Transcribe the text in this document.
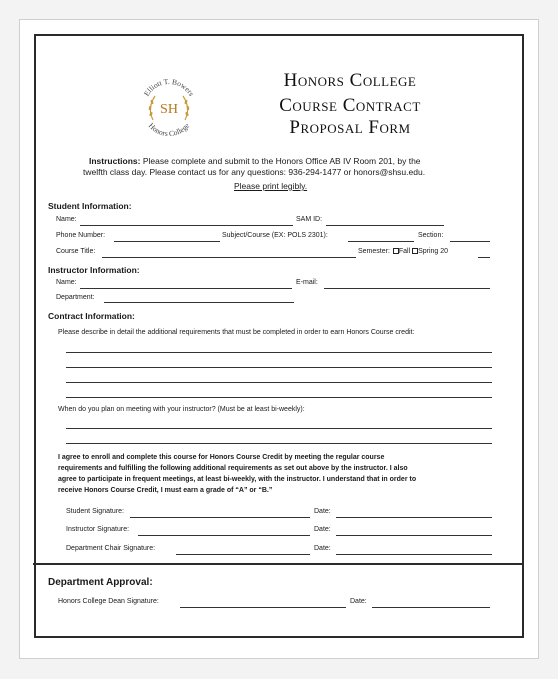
Elliott T. Bowers
Honors College
SH
Honors College
Course Contract
Proposal Form
Instructions: Please complete and submit to the Honors Office AB IV Room 201, by the
twelfth class day. Please contact us for any questions: 936-294-1477 or honors@shsu.edu.
Please print legibly.
Student Information:
Name:	SAM ID:
Phone Number:	Subject/Course (EX: POLS 2301):	Section:
Course Title:	Semester: Fall Spring 20
Instructor Information:
Name:	E-mail:
Department:
Contract Information:
Please describe in detail the additional requirements that must be completed in order to earn Honors Course credit:
When do you plan on meeting with your instructor? (Must be at least bi-weekly):
I agree to enroll and complete this course for Honors Course Credit by meeting the regular course
requirements and fulfilling the following additional requirements as set out above by the instructor. I also
agree to participate in frequent meetings, at least bi-weekly, with the instructor. I understand that in order to
receive Honors Course Credit, I must earn a grade of “A” or “B.”
Student Signature:	Date:
Instructor Signature:	Date:
Department Chair Signature:	Date:
Department Approval:
Honors College Dean Signature:	Date:
